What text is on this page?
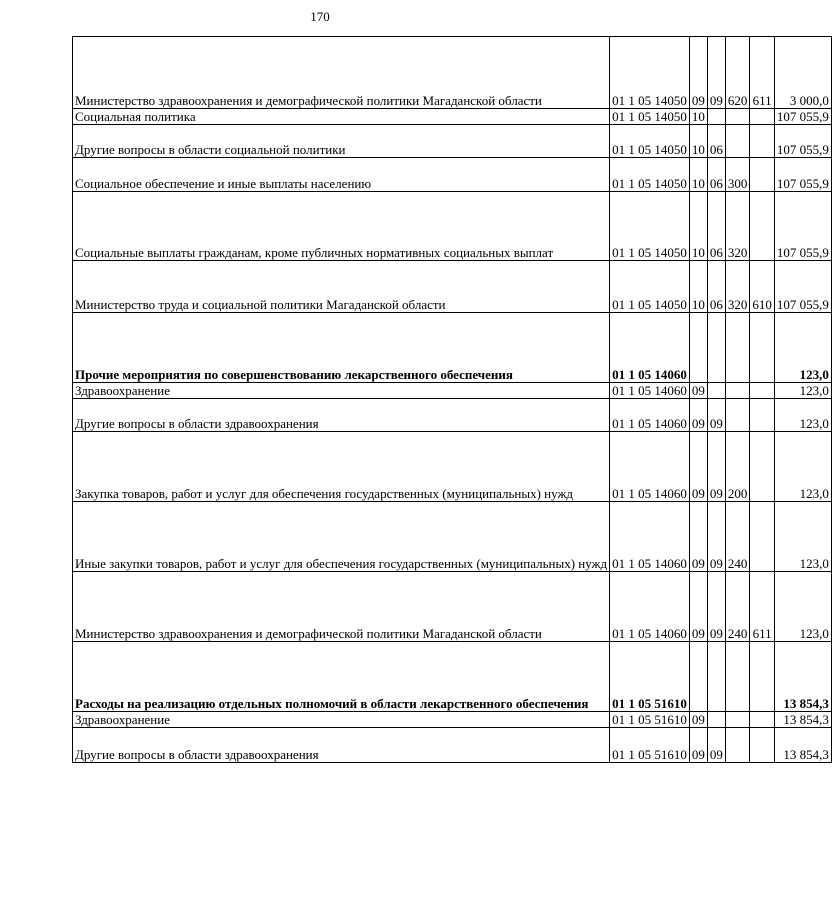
170
Министерство здравоохранения и демографической политики Магаданской области	01 1 05 14050	09	09	620	611	3 000,0
Социальная политика	01 1 05 14050	10				107 055,9
Другие вопросы в области социальной политики	01 1 05 14050	10	06			107 055,9
Социальное обеспечение и иные выплаты населению	01 1 05 14050	10	06	300		107 055,9
Социальные выплаты гражданам, кроме публичных нормативных социальных выплат	01 1 05 14050	10	06	320		107 055,9
Министерство труда и социальной политики Магаданской области	01 1 05 14050	10	06	320	610	107 055,9
Прочие мероприятия по совершенствованию лекарственного обеспечения	01 1 05 14060					123,0
Здравоохранение	01 1 05 14060	09				123,0
Другие вопросы в области здравоохранения	01 1 05 14060	09	09			123,0
Закупка товаров, работ и услуг для обеспечения государственных (муниципальных) нужд	01 1 05 14060	09	09	200		123,0
Иные закупки товаров, работ и услуг для обеспечения государственных (муниципальных) нужд	01 1 05 14060	09	09	240		123,0
Министерство здравоохранения и демографической политики Магаданской области	01 1 05 14060	09	09	240	611	123,0
Расходы на реализацию отдельных полномочий в области лекарственного обеспечения	01 1 05 51610					13 854,3
Здравоохранение	01 1 05 51610	09				13 854,3
Другие вопросы в области здравоохранения	01 1 05 51610	09	09			13 854,3
